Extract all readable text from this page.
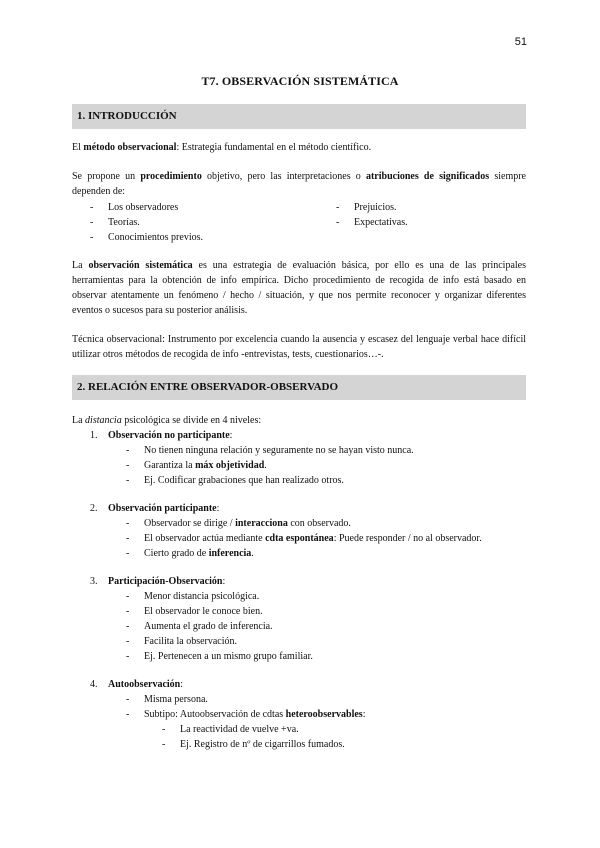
51
T7. OBSERVACIÓN SISTEMÁTICA
1. INTRODUCCIÓN

El método observacional: Estrategia fundamental en el método científico.

Se propone un procedimiento objetivo, pero las interpretaciones o atribuciones de significados siempre dependen de:

- Los observadores
- Teorías.
- Conocimientos previos.
- Prejuicios.
- Expectativas.

La observación sistemática es una estrategia de evaluación básica, por ello es una de las principales herramientas para la obtención de info empírica. Dicho procedimiento de recogida de info está basado en observar atentamente un fenómeno / hecho / situación, y que nos permite reconocer y organizar diferentes eventos o sucesos para su posterior análisis.

Técnica observacional: Instrumento por excelencia cuando la ausencia y escasez del lenguaje verbal hace difícil utilizar otros métodos de recogida de info -entrevistas, tests, cuestionarios…-.

2. RELACIÓN ENTRE OBSERVADOR-OBSERVADO

La distancia psicológica se divide en 4 niveles:

1. Observación no participante:
- No tienen ninguna relación y seguramente no se hayan visto nunca.
- Garantiza la máx objetividad.
- Ej. Codificar grabaciones que han realizado otros.
2. Observación participante:
- Observador se dirige / interacciona con observado.
- El observador actúa mediante cdta espontánea: Puede responder / no al observador.
- Cierto grado de inferencia.
3. Participación-Observación:
- Menor distancia psicológica.
- El observador le conoce bien.
- Aumenta el grado de inferencia.
- Facilita la observación.
- Ej. Pertenecen a un mismo grupo familiar.
4. Autoobservación:
- Misma persona.
- Subtipo: Autoobservación de cdtas heteroobservables:
- La reactividad de vuelve +va.
- Ej. Registro de nº de cigarrillos fumados.
